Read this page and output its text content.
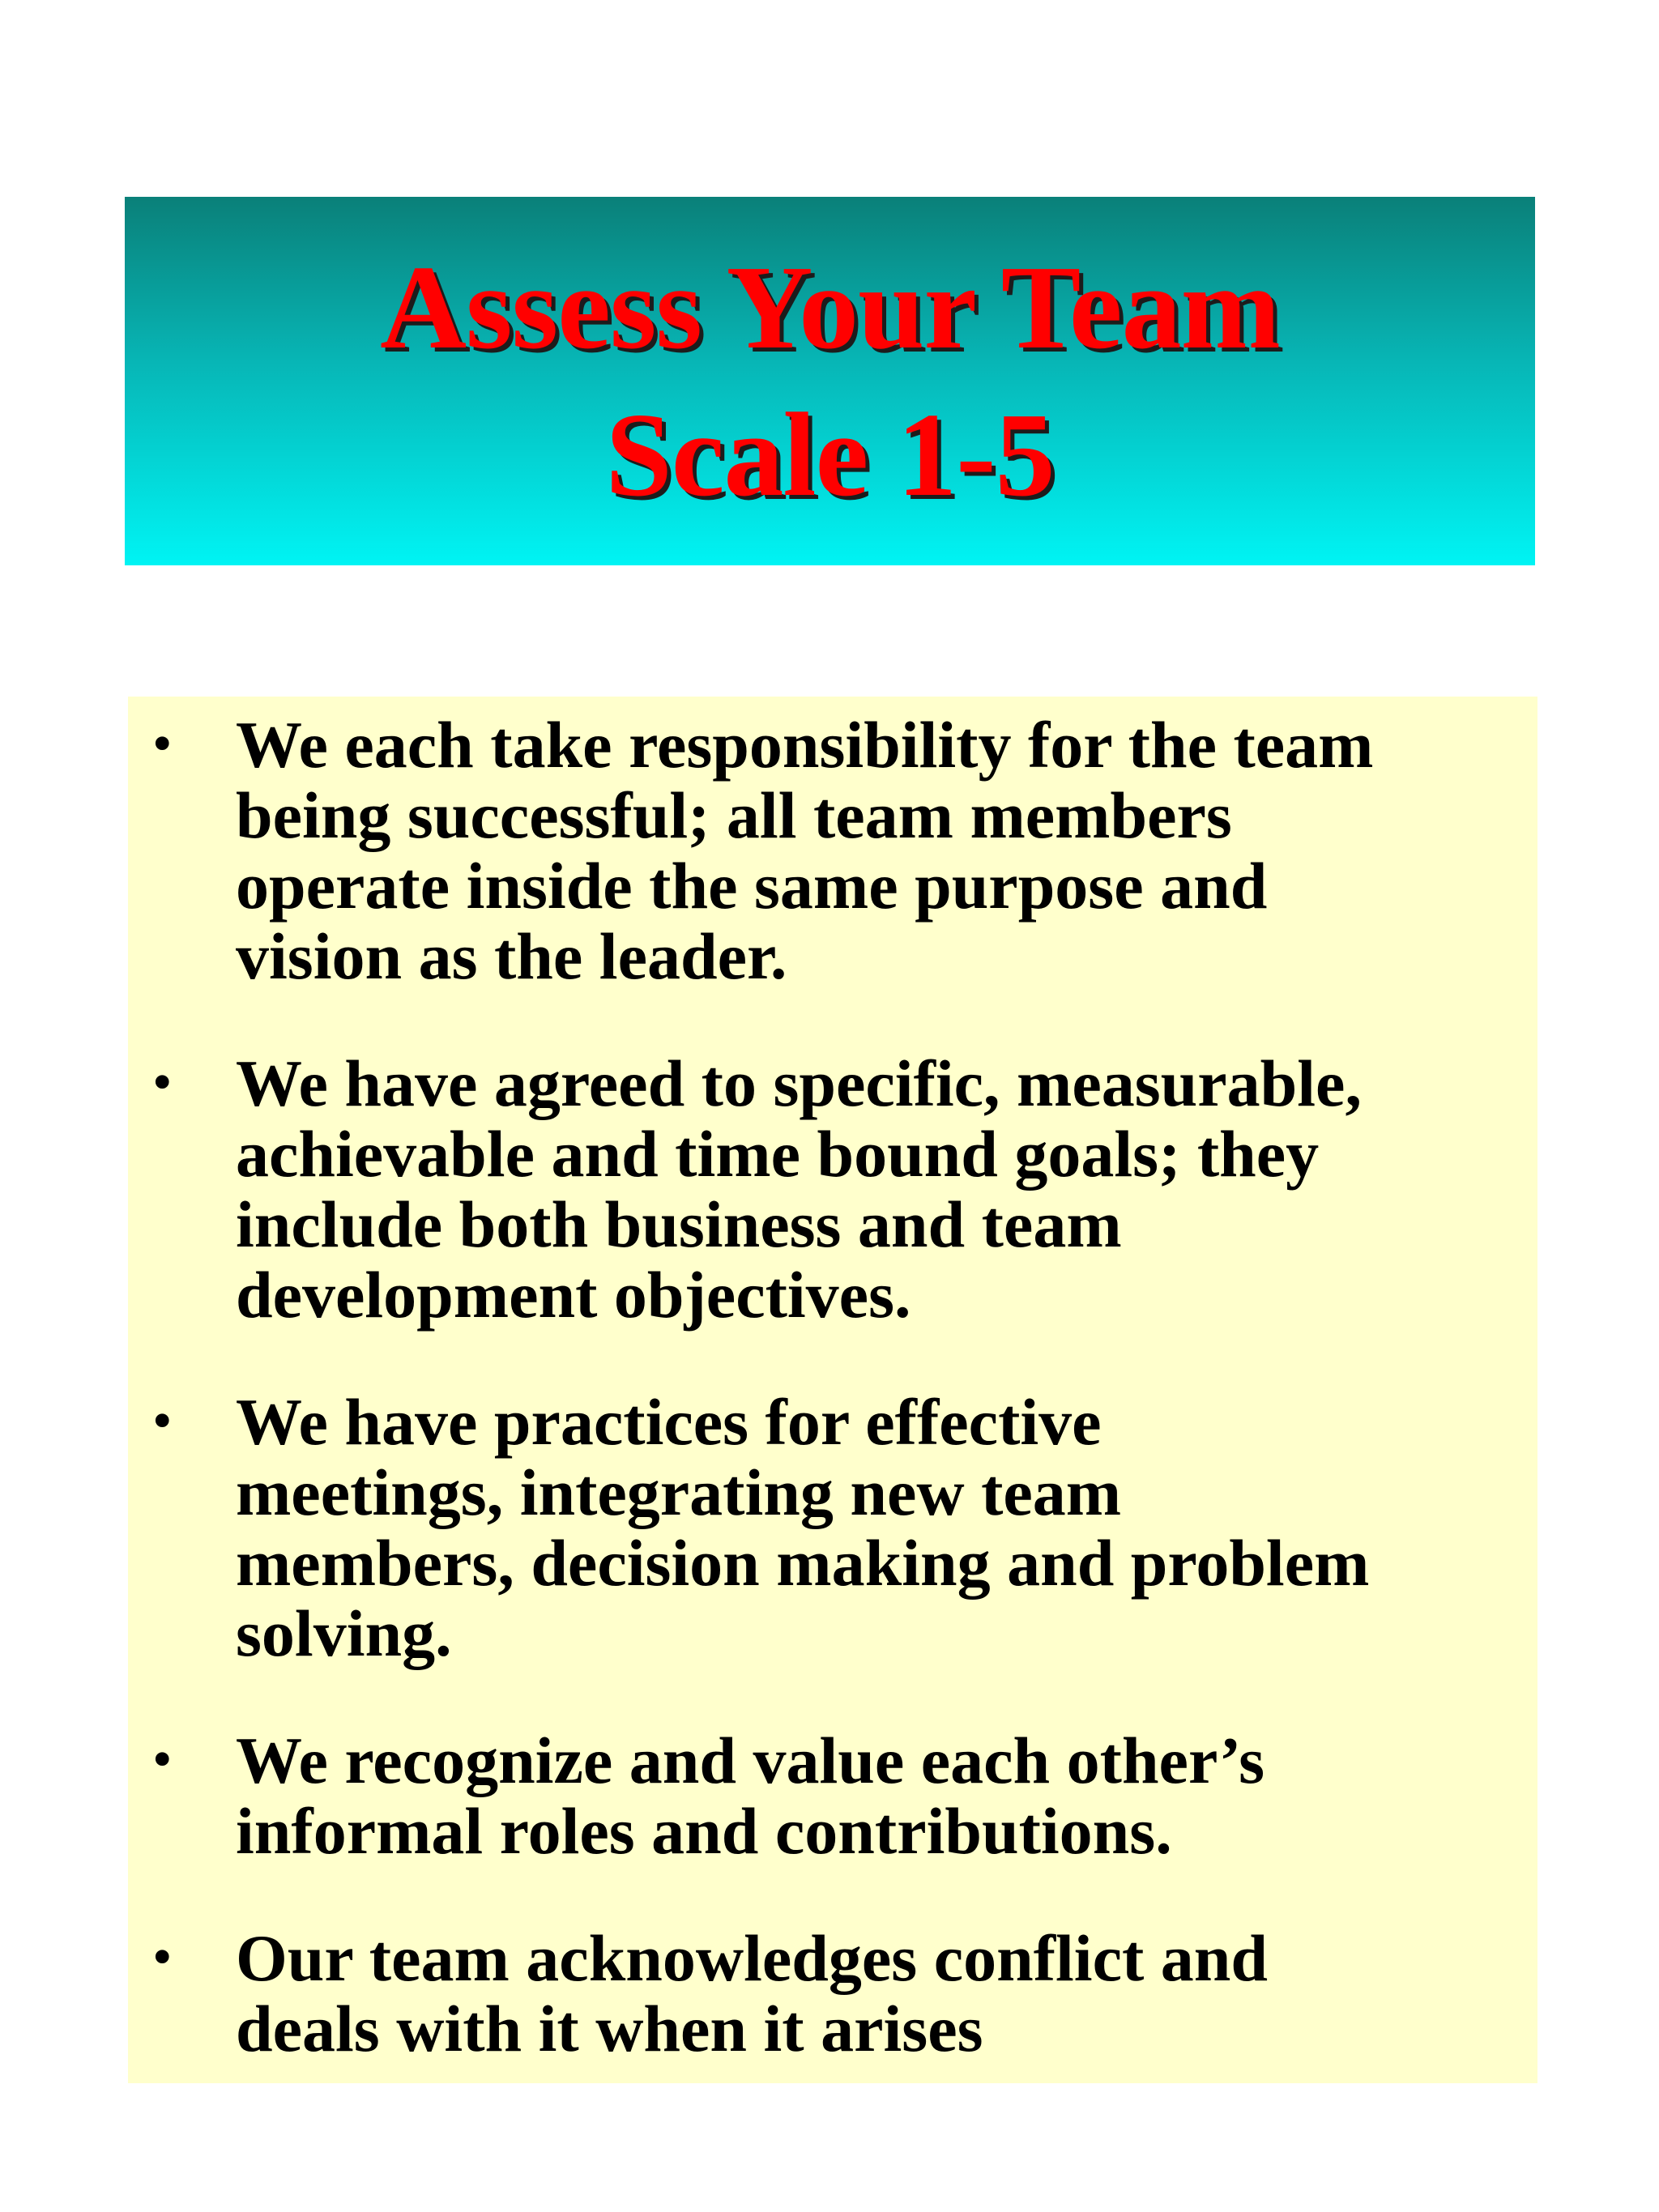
Assess Your Team
Scale 1-5
• We each take responsibility for the team
being successful; all team members
operate inside the same purpose and
vision as the leader.
• We have agreed to specific, measurable,
achievable and time bound goals; they
include both business and team
development objectives.
• We have practices for effective
meetings, integrating new team
members, decision making and problem
solving.
• We recognize and value each other’s
informal roles and contributions.
• Our team acknowledges conflict and
deals with it when it arises
